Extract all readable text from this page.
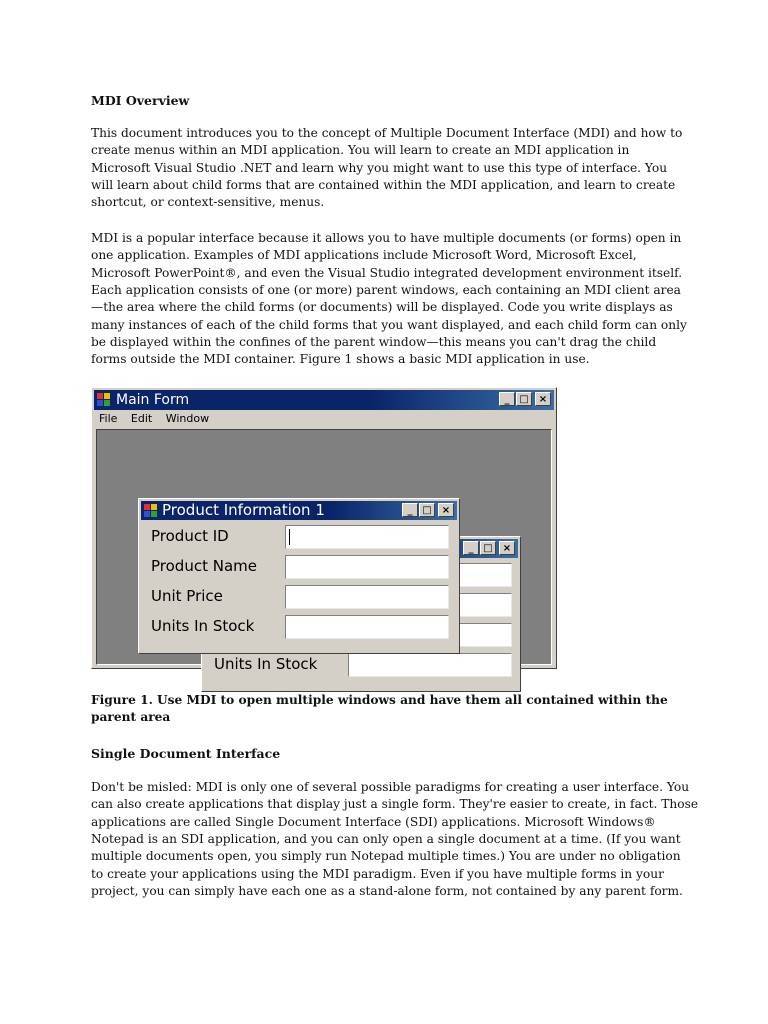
MDI Overview
This document introduces you to the concept of Multiple Document Interface (MDI) and how to
create menus within an MDI application. You will learn to create an MDI application in
Microsoft Visual Studio .NET and learn why you might want to use this type of interface. You
will learn about child forms that are contained within the MDI application, and learn to create
shortcut, or context-sensitive, menus.
MDI is a popular interface because it allows you to have multiple documents (or forms) open in
one application. Examples of MDI applications include Microsoft Word, Microsoft Excel,
Microsoft PowerPoint®, and even the Visual Studio integrated development environment itself.
Each application consists of one (or more) parent windows, each containing an MDI client area
—the area where the child forms (or documents) will be displayed. Code you write displays as
many instances of each of the child forms that you want displayed, and each child form can only
be displayed within the confines of the parent window—this means you can't drag the child
forms outside the MDI container. Figure 1 shows a basic MDI application in use.
Main Form	_ □	×
File Edit Window
_ □	×
Units In Stock
Product Information 1	_ □	×
Product ID
Product Name
Unit Price
Units In Stock
Figure 1. Use MDI to open multiple windows and have them all contained within the
parent area
Single Document Interface
Don't be misled: MDI is only one of several possible paradigms for creating a user interface. You
can also create applications that display just a single form. They're easier to create, in fact. Those
applications are called Single Document Interface (SDI) applications. Microsoft Windows®
Notepad is an SDI application, and you can only open a single document at a time. (If you want
multiple documents open, you simply run Notepad multiple times.) You are under no obligation
to create your applications using the MDI paradigm. Even if you have multiple forms in your
project, you can simply have each one as a stand-alone form, not contained by any parent form.
